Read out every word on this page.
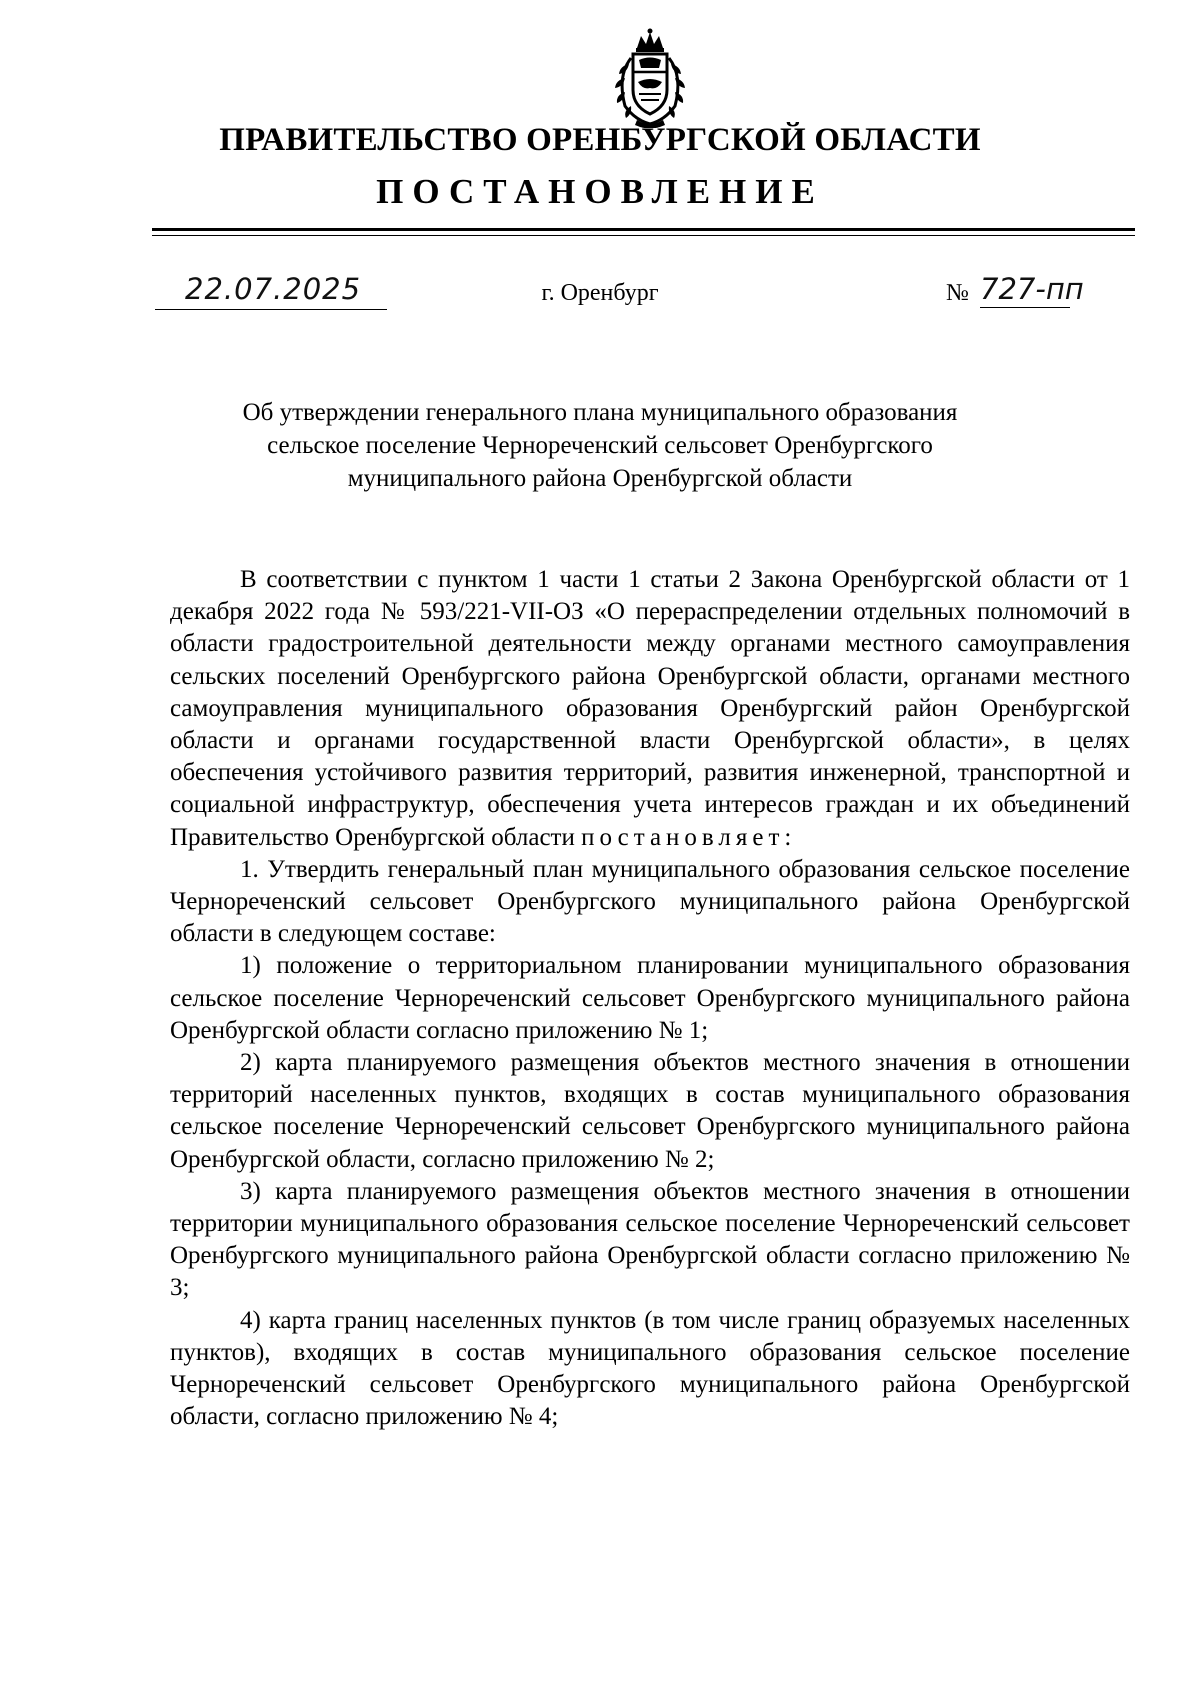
ПРАВИТЕЛЬСТВО ОРЕНБУРГСКОЙ ОБЛАСТИ
ПОСТАНОВЛЕНИЕ
22.07.2025	г. Оренбург	№ 727-пп
Об утверждении генерального плана муниципального образования
сельское поселение Чернореченский сельсовет Оренбургского
муниципального района Оренбургской области

В соответствии с пунктом 1 части 1 статьи 2 Закона Оренбургской области от 1 декабря 2022 года № 593/221-VII-ОЗ «О перераспределении отдельных полномочий в области градостроительной деятельности между органами местного самоуправления сельских поселений Оренбургского района Оренбургской области, органами местного самоуправления муниципального образования Оренбургский район Оренбургской области и органами государственной власти Оренбургской области», в целях обеспечения устойчивого развития территорий, развития инженерной, транспортной и социальной инфраструктур, обеспечения учета интересов граждан и их объединений Правительство Оренбургской области постановляет:

1. Утвердить генеральный план муниципального образования сельское поселение Чернореченский сельсовет Оренбургского муниципального района Оренбургской области в следующем составе:

1) положение о территориальном планировании муниципального образования сельское поселение Чернореченский сельсовет Оренбургского муниципального района Оренбургской области согласно приложению № 1;

2) карта планируемого размещения объектов местного значения в отношении территорий населенных пунктов, входящих в состав муниципального образования сельское поселение Чернореченский сельсовет Оренбургского муниципального района Оренбургской области, согласно приложению № 2;

3) карта планируемого размещения объектов местного значения в отношении территории муниципального образования сельское поселение Чернореченский сельсовет Оренбургского муниципального района Оренбургской области согласно приложению № 3;

4) карта границ населенных пунктов (в том числе границ образуемых населенных пунктов), входящих в состав муниципального образования сельское поселение Чернореченский сельсовет Оренбургского муниципального района Оренбургской области, согласно приложению № 4;
